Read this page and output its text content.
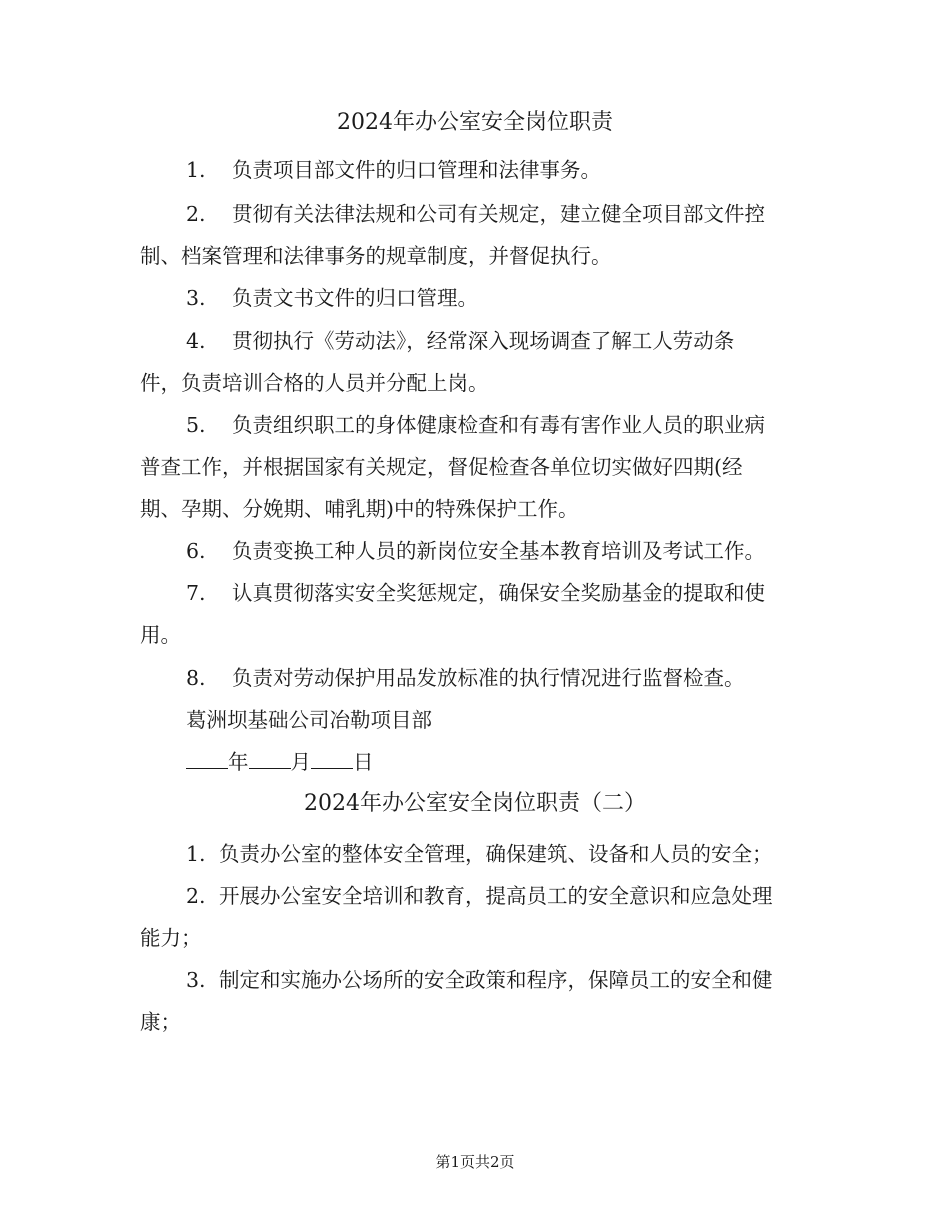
2024年办公室安全岗位职责
1. 负责项目部文件的归口管理和法律事务。
2. 贯彻有关法律法规和公司有关规定，建立健全项目部文件控
制、档案管理和法律事务的规章制度，并督促执行。
3. 负责文书文件的归口管理。
4. 贯彻执行《劳动法》，经常深入现场调查了解工人劳动条
件，负责培训合格的人员并分配上岗。
5. 负责组织职工的身体健康检查和有毒有害作业人员的职业病
普查工作，并根据国家有关规定，督促检查各单位切实做好四期(经
期、孕期、分娩期、哺乳期)中的特殊保护工作。
6. 负责变换工种人员的新岗位安全基本教育培训及考试工作。
7. 认真贯彻落实安全奖惩规定，确保安全奖励基金的提取和使
用。
8. 负责对劳动保护用品发放标准的执行情况进行监督检查。
葛洲坝基础公司冶勒项目部
年 月 日
2024年办公室安全岗位职责（二）
1. 负责办公室的整体安全管理，确保建筑、设备和人员的安全；
2. 开展办公室安全培训和教育，提高员工的安全意识和应急处理
能力；
3. 制定和实施办公场所的安全政策和程序，保障员工的安全和健
康；
第1页共2页
